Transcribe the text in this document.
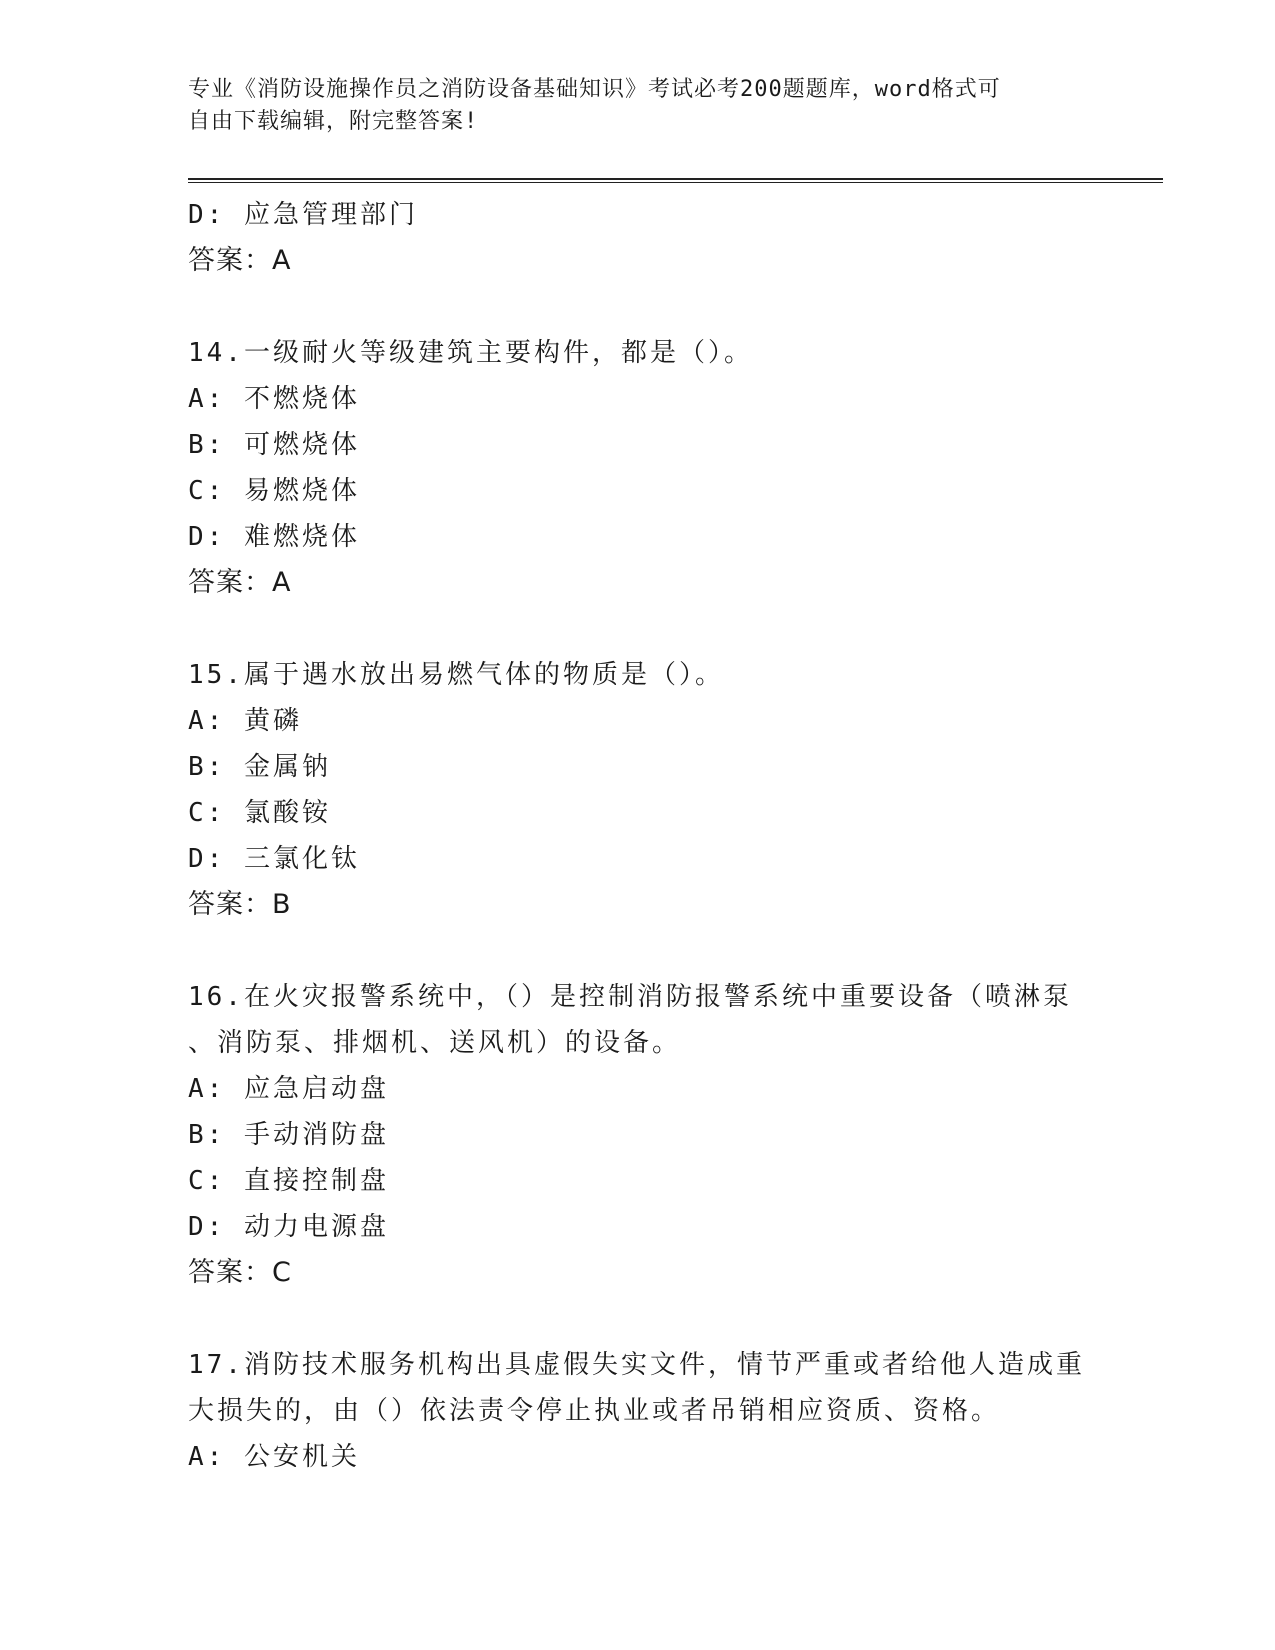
专业《消防设施操作员之消防设备基础知识》考试必考200题题库，word格式可
自由下载编辑，附完整答案!
D: 应急管理部门
答案：A
14.一级耐火等级建筑主要构件，都是（）。
A: 不燃烧体
B: 可燃烧体
C: 易燃烧体
D: 难燃烧体
答案：A
15.属于遇水放出易燃气体的物质是（）。
A: 黄磷
B: 金属钠
C: 氯酸铵
D: 三氯化钛
答案：B
16.在火灾报警系统中，（）是控制消防报警系统中重要设备（喷淋泵
、消防泵、排烟机、送风机）的设备。
A: 应急启动盘
B: 手动消防盘
C: 直接控制盘
D: 动力电源盘
答案：C
17.消防技术服务机构出具虚假失实文件，情节严重或者给他人造成重
大损失的，由（）依法责令停止执业或者吊销相应资质、资格。
A: 公安机关
